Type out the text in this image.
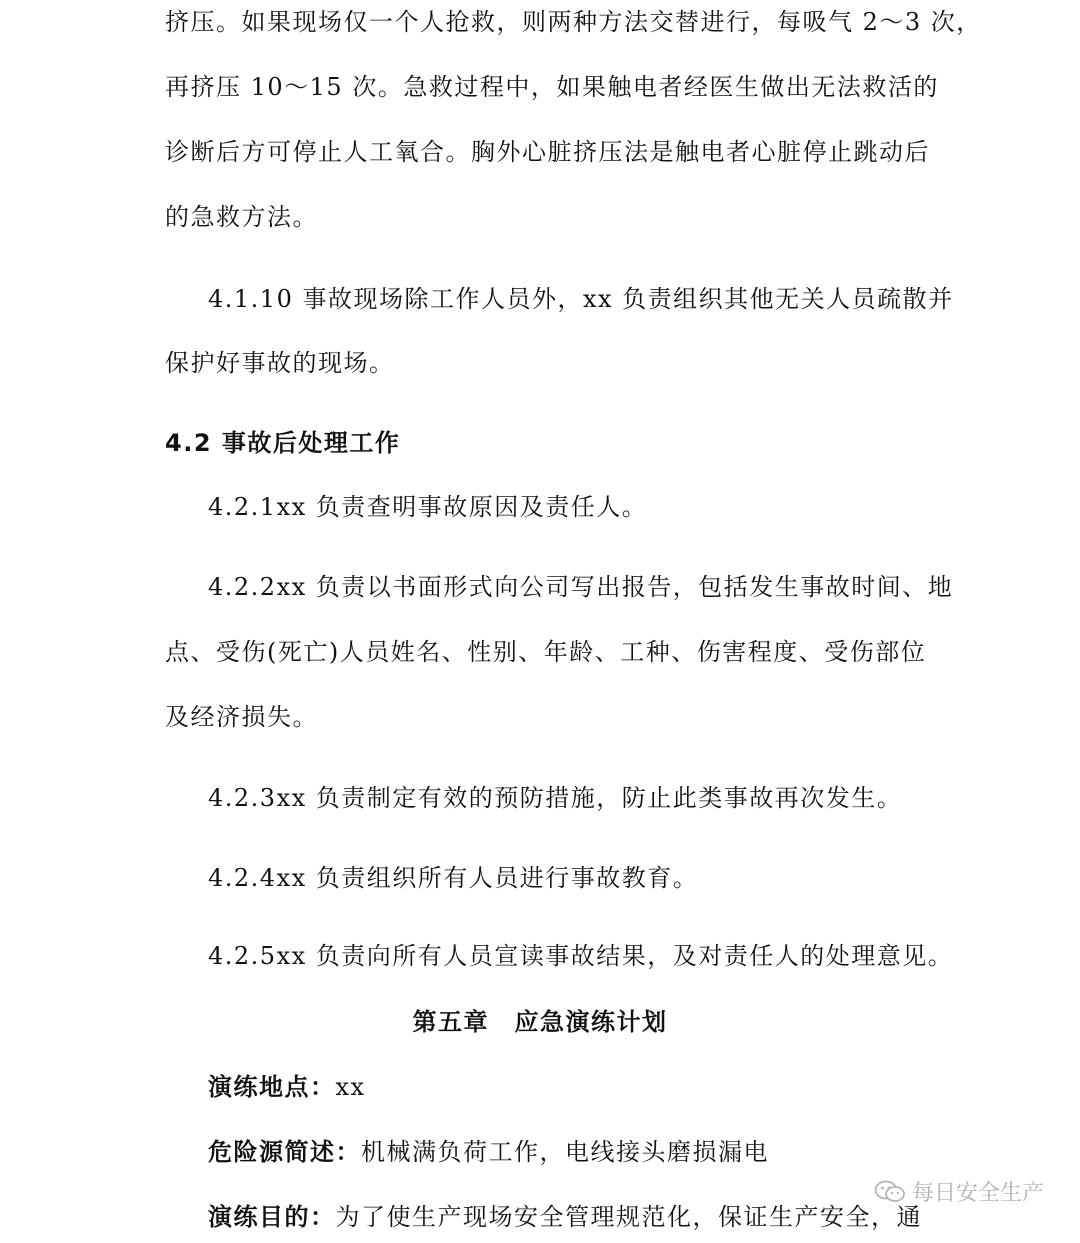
挤压。如果现场仅一个人抢救，则两种方法交替进行，每吸气 2～3 次，
再挤压 10～15 次。急救过程中，如果触电者经医生做出无法救活的
诊断后方可停止人工氧合。胸外心脏挤压法是触电者心脏停止跳动后
的急救方法。
4.1.10 事故现场除工作人员外，xx 负责组织其他无关人员疏散并
保护好事故的现场。
4.2 事故后处理工作
4.2.1xx 负责查明事故原因及责任人。
4.2.2xx 负责以书面形式向公司写出报告，包括发生事故时间、地
点、受伤(死亡)人员姓名、性别、年龄、工种、伤害程度、受伤部位
及经济损失。
4.2.3xx 负责制定有效的预防措施，防止此类事故再次发生。
4.2.4xx 负责组织所有人员进行事故教育。
4.2.5xx 负责向所有人员宣读事故结果，及对责任人的处理意见。
第五章　应急演练计划
演练地点：xx
危险源简述：机械满负荷工作，电线接头磨损漏电
演练目的：为了使生产现场安全管理规范化，保证生产安全，通
每日安全生产
